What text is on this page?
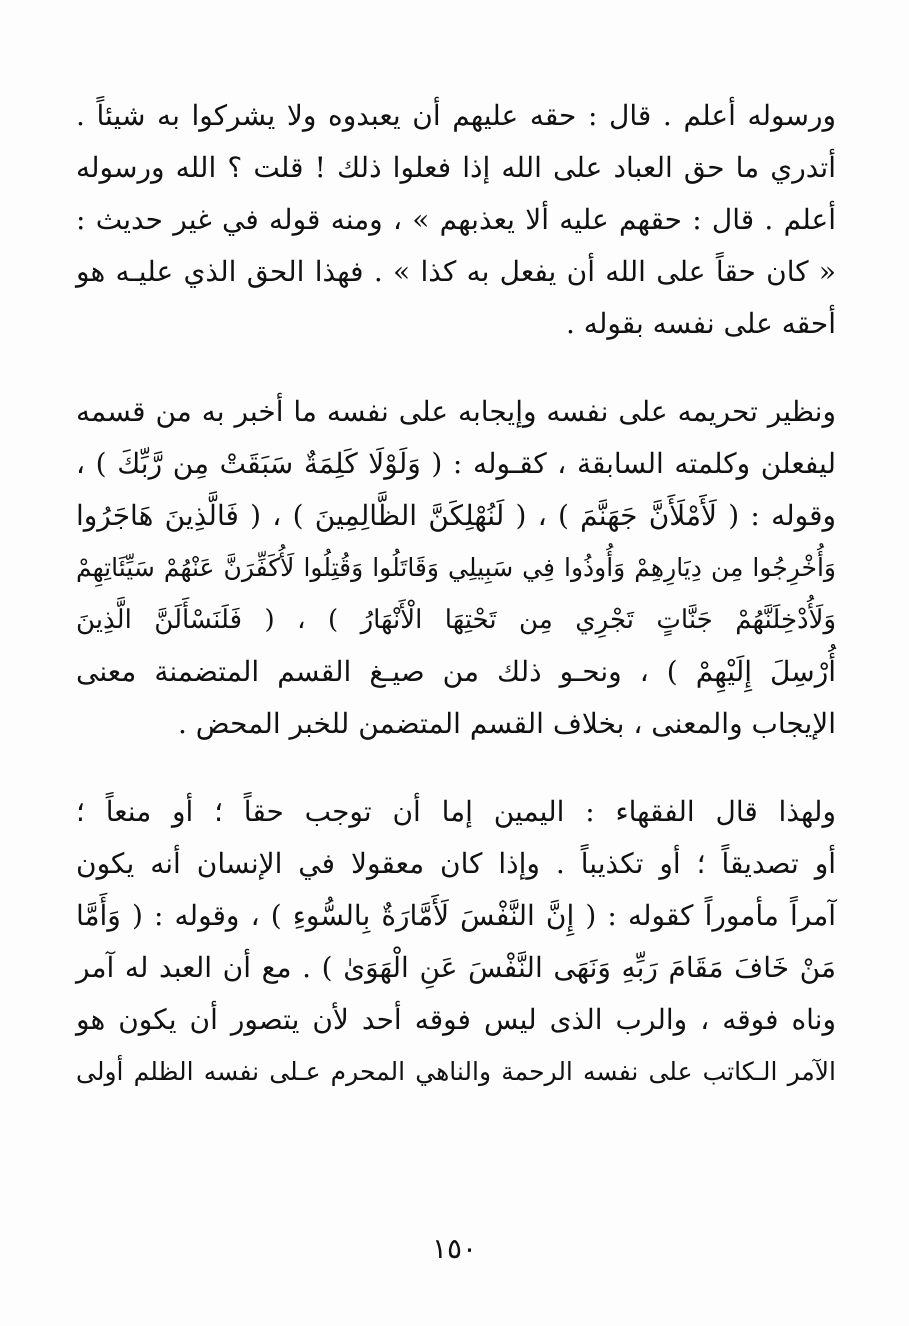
ورسوله أعلم . قال : حقه عليهم أن يعبدوه ولا يشركوا به شيئاً .
أتدري ما حق العباد على الله إذا فعلوا ذلك ! قلت ؟ الله ورسوله
أعلم . قال : حقهم عليه ألا يعذبهم » ، ومنه قوله في غير حديث :
« كان حقاً على الله أن يفعل به كذا » . فهذا الحق الذي عليـه هو
أحقه على نفسه بقوله .
ونظير تحريمه على نفسه وإيجابه على نفسه ما أخبر به من قسمه
ليفعلن وكلمته السابقة ، كقـوله : ( وَلَوْلَا كَلِمَةٌ سَبَقَتْ مِن رَّبِّكَ ) ،
وقوله : ( لَأَمْلَأَنَّ جَهَنَّمَ ) ، ( لَنُهْلِكَنَّ الظَّالِمِينَ ) ، ( فَالَّذِينَ هَاجَرُوا
وَأُخْرِجُوا مِن دِيَارِهِمْ وَأُوذُوا فِي سَبِيلِي وَقَاتَلُوا وَقُتِلُوا لَأُكَفِّرَنَّ عَنْهُمْ سَيِّئَاتِهِمْ
وَلَأُدْخِلَنَّهُمْ جَنَّاتٍ تَجْرِي مِن تَحْتِهَا الْأَنْهَارُ ) ، ( فَلَنَسْأَلَنَّ الَّذِينَ
أُرْسِلَ إِلَيْهِمْ ) ، ونحـو ذلك من صيـغ القسم المتضمنة معنى
الإيجاب والمعنى ، بخلاف القسم المتضمن للخبر المحض .
ولهذا قال الفقهاء : اليمين إما أن توجب حقاً ؛ أو منعاً ؛
أو تصديقاً ؛ أو تكذيباً . وإذا كان معقولا في الإنسان أنه يكون
آمراً مأموراً كقوله : ( إِنَّ النَّفْسَ لَأَمَّارَةٌ بِالسُّوءِ ) ، وقوله : ( وَأَمَّا
مَنْ خَافَ مَقَامَ رَبِّهِ وَنَهَى النَّفْسَ عَنِ الْهَوَىٰ ) . مع أن العبد له آمر
وناه فوقه ، والرب الذى ليس فوقه أحد لأن يتصور أن يكون هو
الآمر الـكاتب على نفسه الرحمة والناهي المحرم عـلى نفسه الظلم أولى
١٥٠
